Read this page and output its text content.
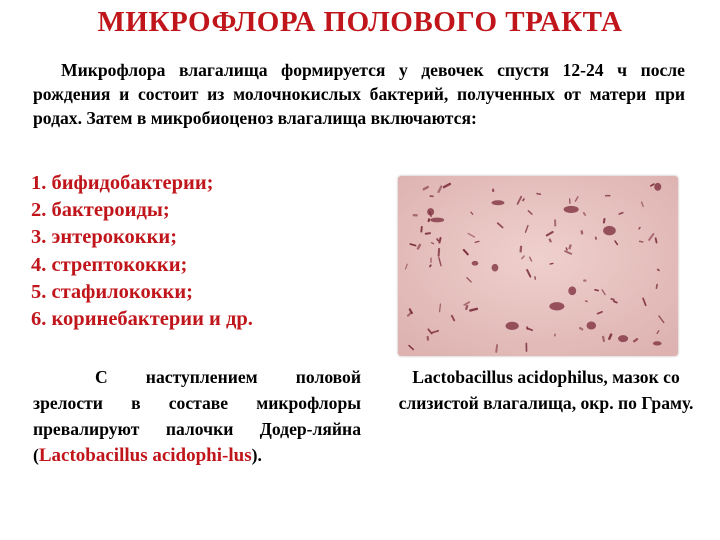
МИКРОФЛОРА ПОЛОВОГО ТРАКТА
Микрофлора влагалища формируется у девочек спустя 12-24 ч после рождения и состоит из молочнокислых бактерий, полученных от матери при родах. Затем в микробиоценоз влагалища включаются:
1. бифидобактерии;
2. бактероиды;
3. энтерококки;
4. стрептококки;
5. стафилококки;
6. коринебактерии и др.
С наступлением половой зрелости в составе микрофлоры превалируют палочки Додер-ляйна (Lactobacillus acidophi-lus).
Lactobacillus acidophilus, мазок со слизистой влагалища, окр. по Граму.
